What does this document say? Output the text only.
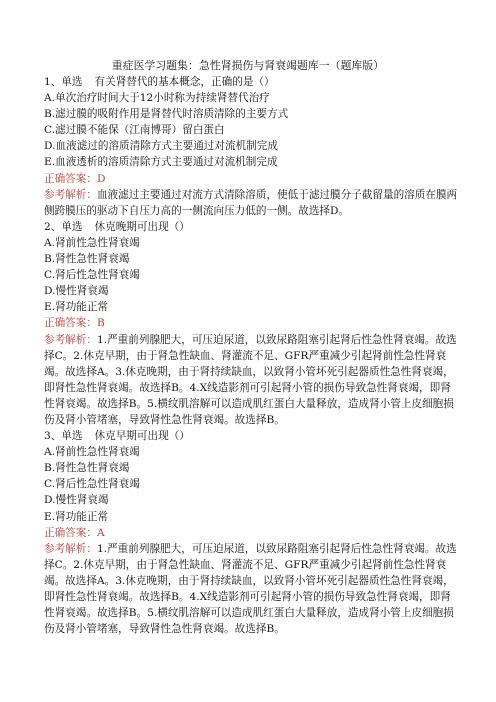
重症医学习题集：急性肾损伤与肾衰竭题库一（题库版）
1、单选 有关肾替代的基本概念，正确的是（）
A.单次治疗时间大于12小时称为持续肾替代治疗
B.滤过膜的吸附作用是肾替代时溶质清除的主要方式
C.滤过膜不能保（江南博哥）留白蛋白
D.血液滤过的溶质清除方式主要通过对流机制完成
E.血液透析的溶质清除方式主要通过对流机制完成
正确答案：D
参考解析：血液滤过主要通过对流方式清除溶质，使低于滤过膜分子截留量的溶质在膜两侧跨膜压的驱动下自压力高的一侧流向压力低的一侧。故选择D。
2、单选 休克晚期可出现（）
A.肾前性急性肾衰竭
B.肾性急性肾衰竭
C.肾后性急性肾衰竭
D.慢性肾衰竭
E.肾功能正常
正确答案：B
参考解析：1.严重前列腺肥大，可压迫尿道，以致尿路阻塞引起肾后性急性肾衰竭。故选择C。2.休克早期，由于肾急性缺血、肾灌流不足、GFR严重减少引起肾前性急性肾衰竭。故选择A。3.休克晚期，由于肾持续缺血，以致肾小管坏死引起器质性急性肾衰竭，即肾性急性肾衰竭。故选择B。4.X线造影剂可引起肾小管的损伤导致急性肾衰竭，即肾性肾衰竭。故选择B。5.横纹肌溶解可以造成肌红蛋白大量释放，造成肾小管上皮细胞损伤及肾小管堵塞，导致肾性急性肾衰竭。故选择B。
3、单选 休克早期可出现（）
A.肾前性急性肾衰竭
B.肾性急性肾衰竭
C.肾后性急性肾衰竭
D.慢性肾衰竭
E.肾功能正常
正确答案：A
参考解析：1.严重前列腺肥大，可压迫尿道，以致尿路阻塞引起肾后性急性肾衰竭。故选择C。2.休克早期，由于肾急性缺血、肾灌流不足、GFR严重减少引起肾前性急性肾衰竭。故选择A。3.休克晚期，由于肾持续缺血，以致肾小管坏死引起器质性急性肾衰竭，即肾性急性肾衰竭。故选择B。4.X线造影剂可引起肾小管的损伤导致急性肾衰竭，即肾性肾衰竭。故选择B。5.横纹肌溶解可以造成肌红蛋白大量释放，造成肾小管上皮细胞损伤及肾小管堵塞，导致肾性急性肾衰竭。故选择B。
